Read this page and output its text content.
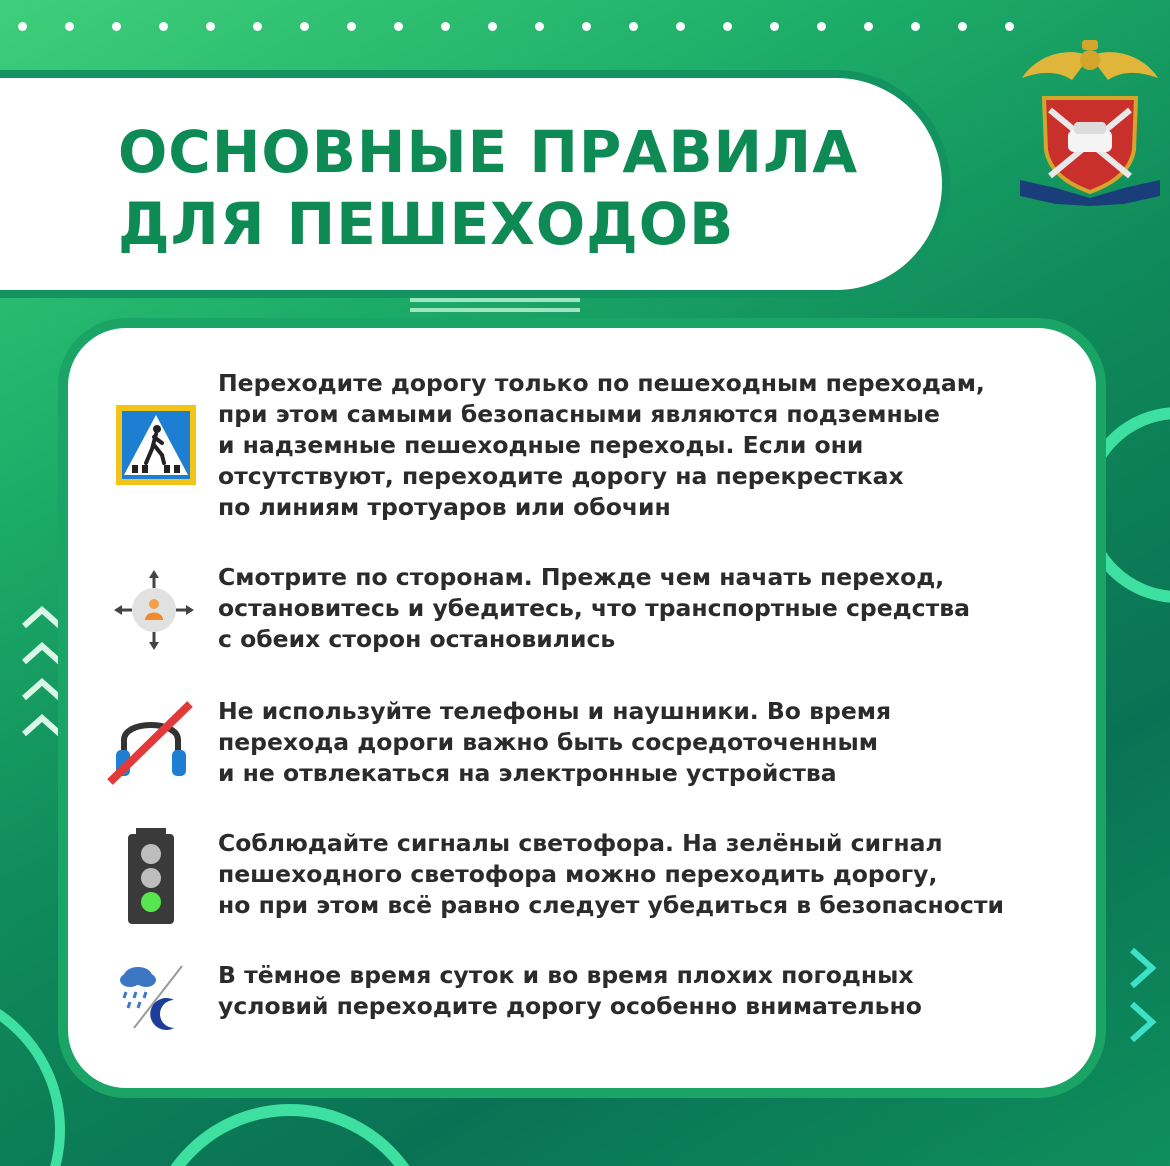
ОСНОВНЫЕ ПРАВИЛА
ДЛЯ ПЕШЕХОДОВ

Переходите дорогу только по пешеходным переходам,
при этом самыми безопасными являются подземные
и надземные пешеходные переходы. Если они
отсутствуют, переходите дорогу на перекрестках
по линиям тротуаров или обочин

Смотрите по сторонам. Прежде чем начать переход,
остановитесь и убедитесь, что транспортные средства
с обеих сторон остановились

Не используйте телефоны и наушники. Во время
перехода дороги важно быть сосредоточенным
и не отвлекаться на электронные устройства

Соблюдайте сигналы светофора. На зелёный сигнал
пешеходного светофора можно переходить дорогу,
но при этом всё равно следует убедиться в безопасности

В тёмное время суток и во время плохих погодных
условий переходите дорогу особенно внимательно
